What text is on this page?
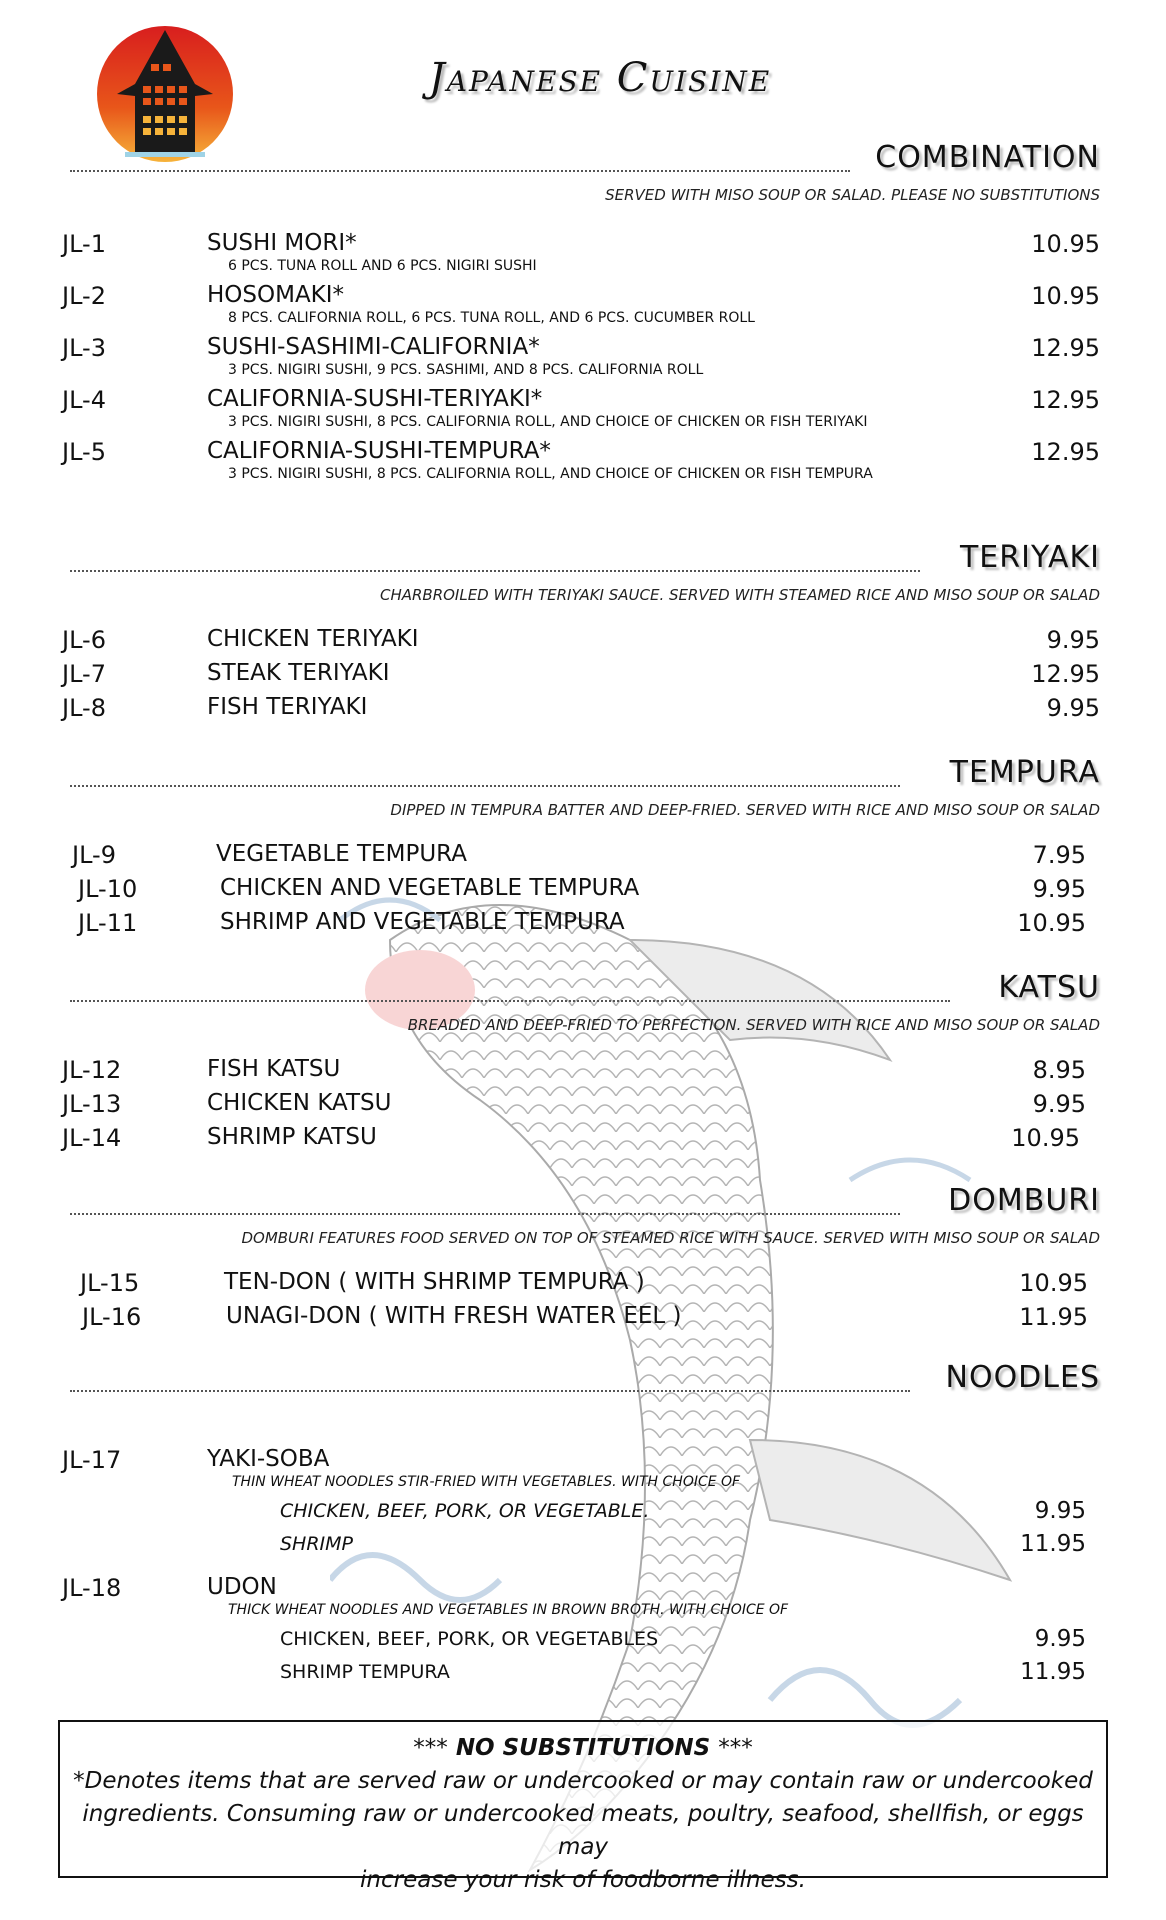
Japanese Cuisine
COMBINATION
SERVED WITH MISO SOUP OR SALAD. PLEASE NO SUBSTITUTIONS
JL-1	SUSHI MORI*	10.95
6 PCS. TUNA ROLL AND 6 PCS. NIGIRI SUSHI
JL-2	HOSOMAKI*	10.95
8 PCS. CALIFORNIA ROLL, 6 PCS. TUNA ROLL, AND 6 PCS. CUCUMBER ROLL
JL-3	SUSHI-SASHIMI-CALIFORNIA*	12.95
3 PCS. NIGIRI SUSHI, 9 PCS. SASHIMI, AND 8 PCS. CALIFORNIA ROLL
JL-4	CALIFORNIA-SUSHI-TERIYAKI*	12.95
3 PCS. NIGIRI SUSHI, 8 PCS. CALIFORNIA ROLL, AND CHOICE OF CHICKEN OR FISH TERIYAKI
JL-5	CALIFORNIA-SUSHI-TEMPURA*	12.95
3 PCS. NIGIRI SUSHI, 8 PCS. CALIFORNIA ROLL, AND CHOICE OF CHICKEN OR FISH TEMPURA
TERIYAKI
CHARBROILED WITH TERIYAKI SAUCE. SERVED WITH STEAMED RICE AND MISO SOUP OR SALAD
JL-6	CHICKEN TERIYAKI	9.95
JL-7	STEAK TERIYAKI	12.95
JL-8	FISH TERIYAKI	9.95
TEMPURA
DIPPED IN TEMPURA BATTER AND DEEP-FRIED. SERVED WITH RICE AND MISO SOUP OR SALAD
JL-9	VEGETABLE TEMPURA	7.95
JL-10	CHICKEN AND VEGETABLE TEMPURA	9.95
JL-11	SHRIMP AND VEGETABLE TEMPURA	10.95
KATSU
BREADED AND DEEP-FRIED TO PERFECTION. SERVED WITH RICE AND MISO SOUP OR SALAD
JL-12	FISH KATSU	8.95
JL-13	CHICKEN KATSU	9.95
JL-14	SHRIMP KATSU	10.95
DOMBURI
DOMBURI FEATURES FOOD SERVED ON TOP OF STEAMED RICE WITH SAUCE. SERVED WITH MISO SOUP OR SALAD
JL-15	TEN-DON ( WITH SHRIMP TEMPURA )	10.95
JL-16	UNAGI-DON ( WITH FRESH WATER EEL )	11.95
NOODLES
JL-17	YAKI-SOBA
THIN WHEAT NOODLES STIR-FRIED WITH VEGETABLES. WITH CHOICE OF
CHICKEN, BEEF, PORK, OR VEGETABLE.	9.95
SHRIMP	11.95
JL-18	UDON
THICK WHEAT NOODLES AND VEGETABLES IN BROWN BROTH. WITH CHOICE OF
CHICKEN, BEEF, PORK, OR VEGETABLES	9.95
SHRIMP TEMPURA	11.95
*** NO SUBSTITUTIONS ***
*Denotes items that are served raw or undercooked or may contain raw or undercooked
ingredients. Consuming raw or undercooked meats, poultry, seafood, shellfish, or eggs may
increase your risk of foodborne illness.
